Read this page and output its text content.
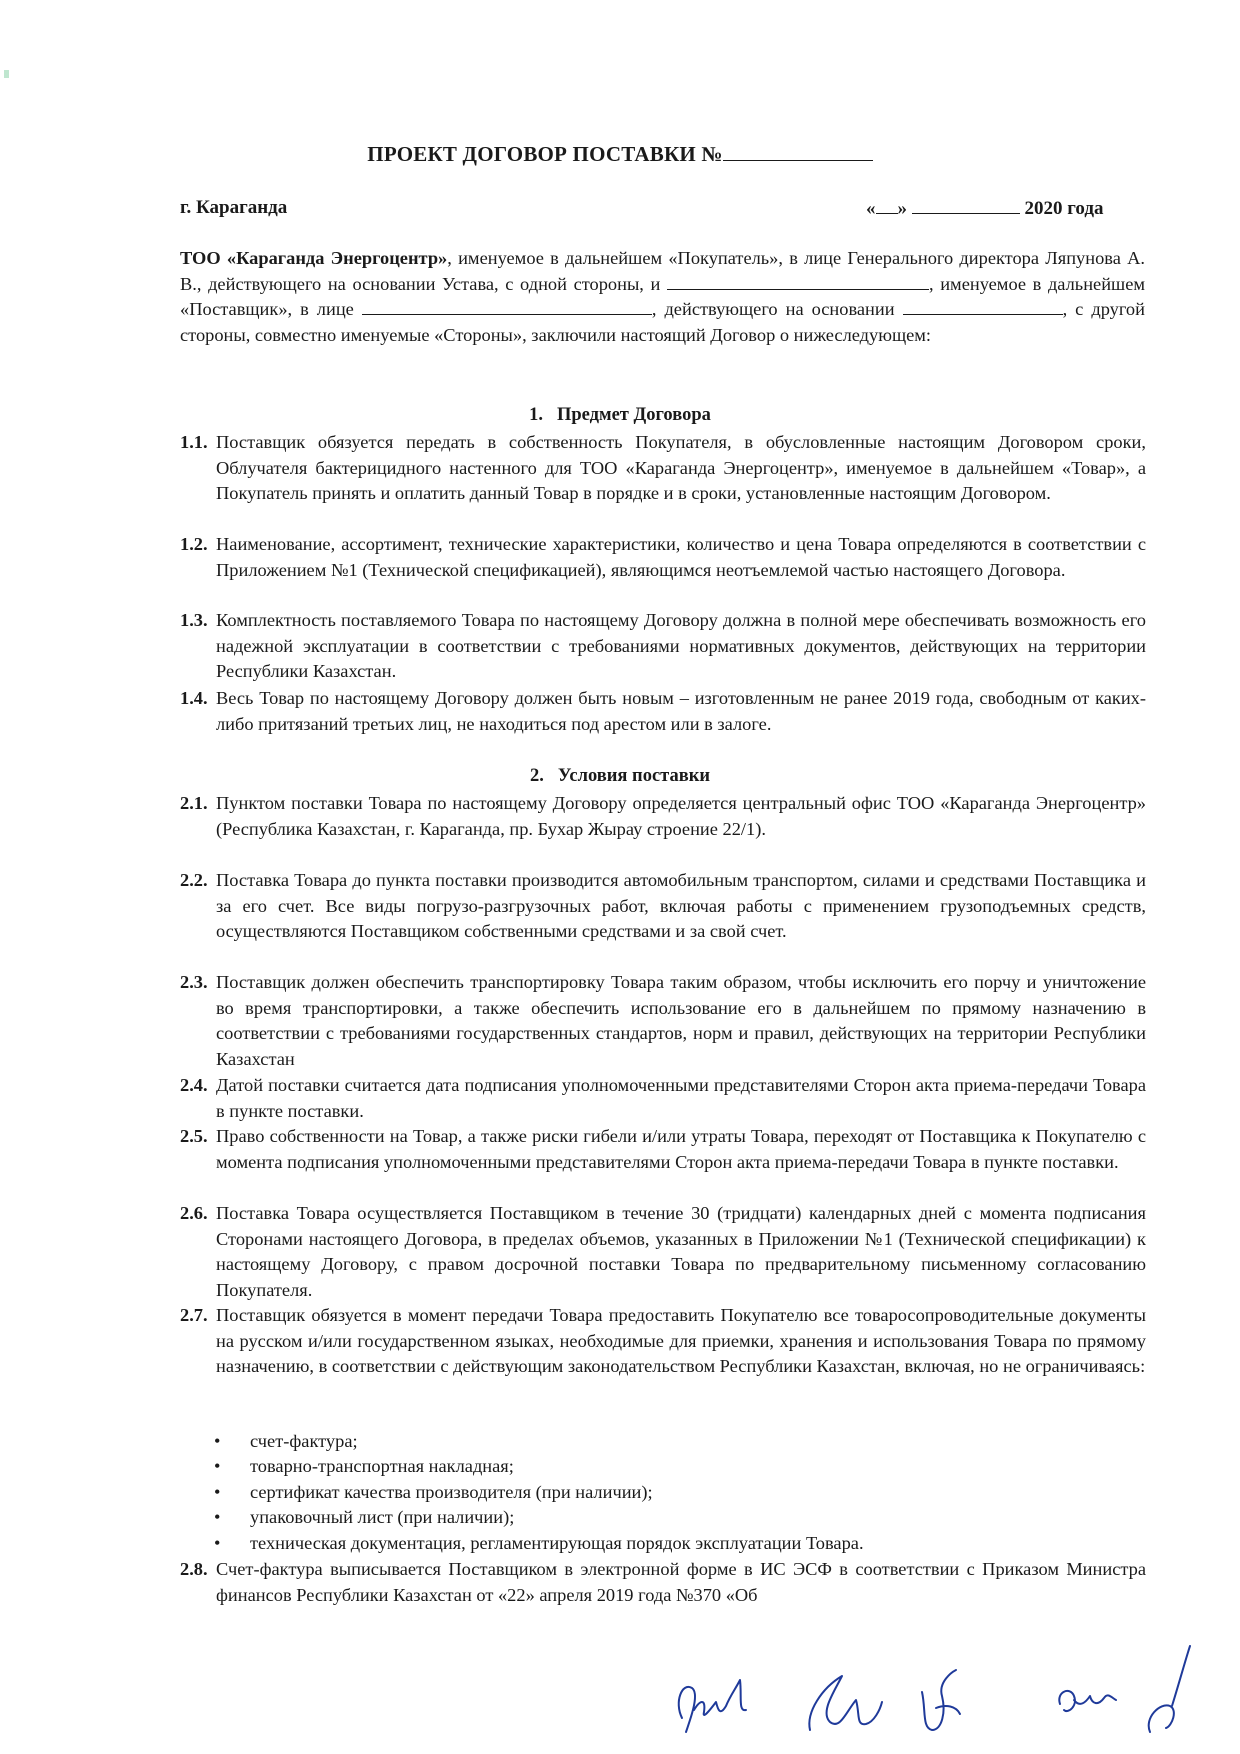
ПРОЕКТ ДОГОВОР ПОСТАВКИ №
г. Караганда	« »	2020 года
ТОО «Караганда Энергоцентр», именуемое в дальнейшем «Покупатель», в лице Генерального директора Ляпунова А. В., действующего на основании Устава, с одной стороны, и	, именуемое в дальнейшем «Поставщик», в лице	, действующего на основании	, с другой стороны, совместно именуемые «Стороны», заключили настоящий Договор о нижеследующем:
1. Предмет Договора
1.1. Поставщик обязуется передать в собственность Покупателя, в обусловленные настоящим Договором сроки, Облучателя бактерицидного настенного для ТОО «Караганда Энергоцентр», именуемое в дальнейшем «Товар», а Покупатель принять и оплатить данный Товар в порядке и в сроки, установленные настоящим Договором.
1.2. Наименование, ассортимент, технические характеристики, количество и цена Товара определяются в соответствии с Приложением №1 (Технической спецификацией), являющимся неотъемлемой частью настоящего Договора.
1.3. Комплектность поставляемого Товара по настоящему Договору должна в полной мере обеспечивать возможность его надежной эксплуатации в соответствии с требованиями нормативных документов, действующих на территории Республики Казахстан.
1.4. Весь Товар по настоящему Договору должен быть новым – изготовленным не ранее 2019 года, свободным от каких-либо притязаний третьих лиц, не находиться под арестом или в залоге.
2. Условия поставки
2.1. Пунктом поставки Товара по настоящему Договору определяется центральный офис ТОО «Караганда Энергоцентр» (Республика Казахстан, г. Караганда, пр. Бухар Жырау строение 22/1).
2.2. Поставка Товара до пункта поставки производится автомобильным транспортом, силами и средствами Поставщика и за его счет. Все виды погрузо-разгрузочных работ, включая работы с применением грузоподъемных средств, осуществляются Поставщиком собственными средствами и за свой счет.
2.3. Поставщик должен обеспечить транспортировку Товара таким образом, чтобы исключить его порчу и уничтожение во время транспортировки, а также обеспечить использование его в дальнейшем по прямому назначению в соответствии с требованиями государственных стандартов, норм и правил, действующих на территории Республики Казахстан
2.4. Датой поставки считается дата подписания уполномоченными представителями Сторон акта приема-передачи Товара в пункте поставки.
2.5. Право собственности на Товар, а также риски гибели и/или утраты Товара, переходят от Поставщика к Покупателю с момента подписания уполномоченными представителями Сторон акта приема-передачи Товара в пункте поставки.
2.6. Поставка Товара осуществляется Поставщиком в течение 30 (тридцати) календарных дней с момента подписания Сторонами настоящего Договора, в пределах объемов, указанных в Приложении №1 (Технической спецификации) к настоящему Договору, с правом досрочной поставки Товара по предварительному письменному согласованию Покупателя.
2.7. Поставщик обязуется в момент передачи Товара предоставить Покупателю все товаросопроводительные документы на русском и/или государственном языках, необходимые для приемки, хранения и использования Товара по прямому назначению, в соответствии с действующим законодательством Республики Казахстан, включая, но не ограничиваясь:
• счет-фактура;
• товарно-транспортная накладная;
• сертификат качества производителя (при наличии);
• упаковочный лист (при наличии);
• техническая документация, регламентирующая порядок эксплуатации Товара.
2.8. Счет-фактура выписывается Поставщиком в электронной форме в ИС ЭСФ в соответствии с Приказом Министра финансов Республики Казахстан от «22» апреля 2019 года №370 «Об
